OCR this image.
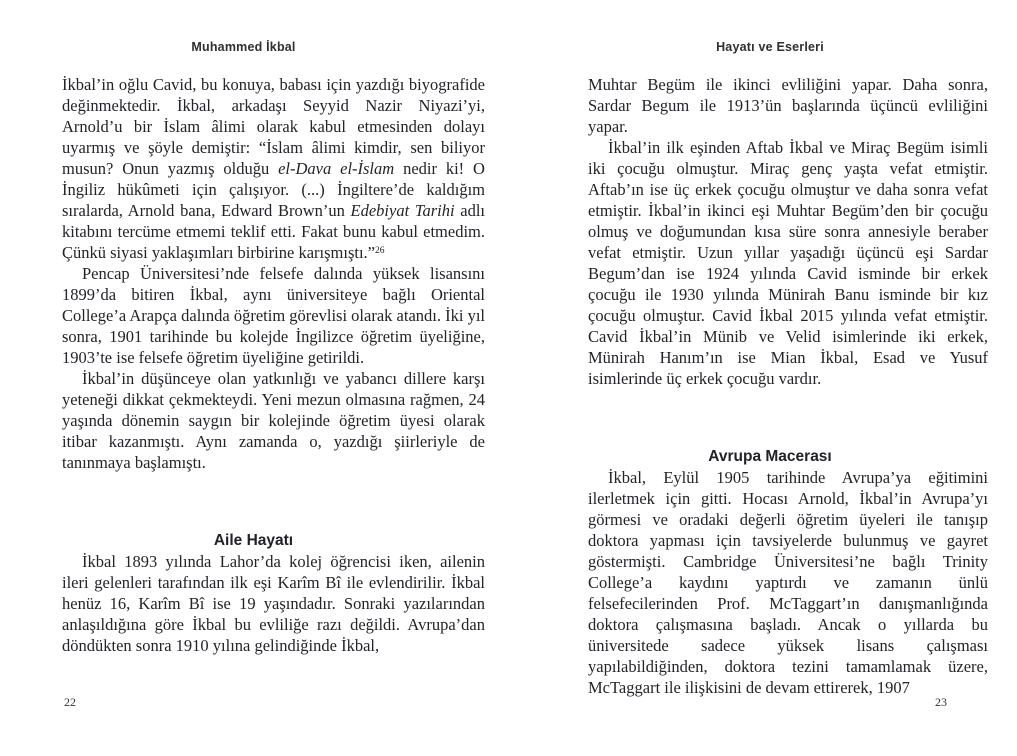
Muhammed İkbal

İkbal’in oğlu Cavid, bu konuya, babası için yazdığı biyografide değinmektedir. İkbal, arkadaşı Seyyid Nazir Niyazi’yi, Arnold’u bir İslam âlimi olarak kabul etmesinden dolayı uyarmış ve şöyle demiştir: “İslam âlimi kimdir, sen biliyor musun? Onun yazmış olduğu el-Dava el-İslam nedir ki! O İngiliz hükûmeti için çalışıyor. (...) İngiltere’de kaldığım sıralarda, Arnold bana, Edward Brown’un Edebiyat Tarihi adlı kitabını tercüme etmemi teklif etti. Fakat bunu kabul etmedim. Çünkü siyasi yaklaşımları birbirine karışmıştı.”$^{26}$

Pencap Üniversitesi’nde felsefe dalında yüksek lisansını 1899’da bitiren İkbal, aynı üniversiteye bağlı Oriental College’a Arapça dalında öğretim görevlisi olarak atandı. İki yıl sonra, 1901 tarihinde bu kolejde İngilizce öğretim üyeliğine, 1903’te ise felsefe öğretim üyeliğine getirildi.

İkbal’in düşünceye olan yatkınlığı ve yabancı dillere karşı yeteneği dikkat çekmekteydi. Yeni mezun olmasına rağmen, 24 yaşında dönemin saygın bir kolejinde öğretim üyesi olarak itibar kazanmıştı. Aynı zamanda o, yazdığı şiirleriyle de tanınmaya başlamıştı.

Aile Hayatı

İkbal 1893 yılında Lahor’da kolej öğrencisi iken, ailenin ileri gelenleri tarafından ilk eşi Karîm Bî ile evlendirilir. İkbal henüz 16, Karîm Bî ise 19 yaşındadır. Sonraki yazılarından anlaşıldığına göre İkbal bu evliliğe razı değildi. Avrupa’dan döndükten sonra 1910 yılına gelindiğinde İkbal,

22
Hayatı ve Eserleri

Muhtar Begüm ile ikinci evliliğini yapar. Daha sonra, Sardar Begum ile 1913’ün başlarında üçüncü evliliğini yapar.

İkbal’in ilk eşinden Aftab İkbal ve Miraç Begüm isimli iki çocuğu olmuştur. Miraç genç yaşta vefat etmiştir. Aftab’ın ise üç erkek çocuğu olmuştur ve daha sonra vefat etmiştir. İkbal’in ikinci eşi Muhtar Begüm’den bir çocuğu olmuş ve doğumundan kısa süre sonra annesiyle beraber vefat etmiştir. Uzun yıllar yaşadığı üçüncü eşi Sardar Begum’dan ise 1924 yılında Cavid isminde bir erkek çocuğu ile 1930 yılında Münirah Banu isminde bir kız çocuğu olmuştur. Cavid İkbal 2015 yılında vefat etmiştir. Cavid İkbal’in Münib ve Velid isimlerinde iki erkek, Münirah Hanım’ın ise Mian İkbal, Esad ve Yusuf isimlerinde üç erkek çocuğu vardır.

Avrupa Macerası

İkbal, Eylül 1905 tarihinde Avrupa’ya eğitimini ilerletmek için gitti. Hocası Arnold, İkbal’in Avrupa’yı görmesi ve oradaki değerli öğretim üyeleri ile tanışıp doktora yapması için tavsiyelerde bulunmuş ve gayret göstermişti. Cambridge Üniversitesi’ne bağlı Trinity College’a kaydını yaptırdı ve zamanın ünlü felsefecilerinden Prof. McTaggart’ın danışmanlığında doktora çalışmasına başladı. Ancak o yıllarda bu üniversitede sadece yüksek lisans çalışması yapılabildiğinden, doktora tezini tamamlamak üzere, McTaggart ile ilişkisini de devam ettirerek, 1907

23
